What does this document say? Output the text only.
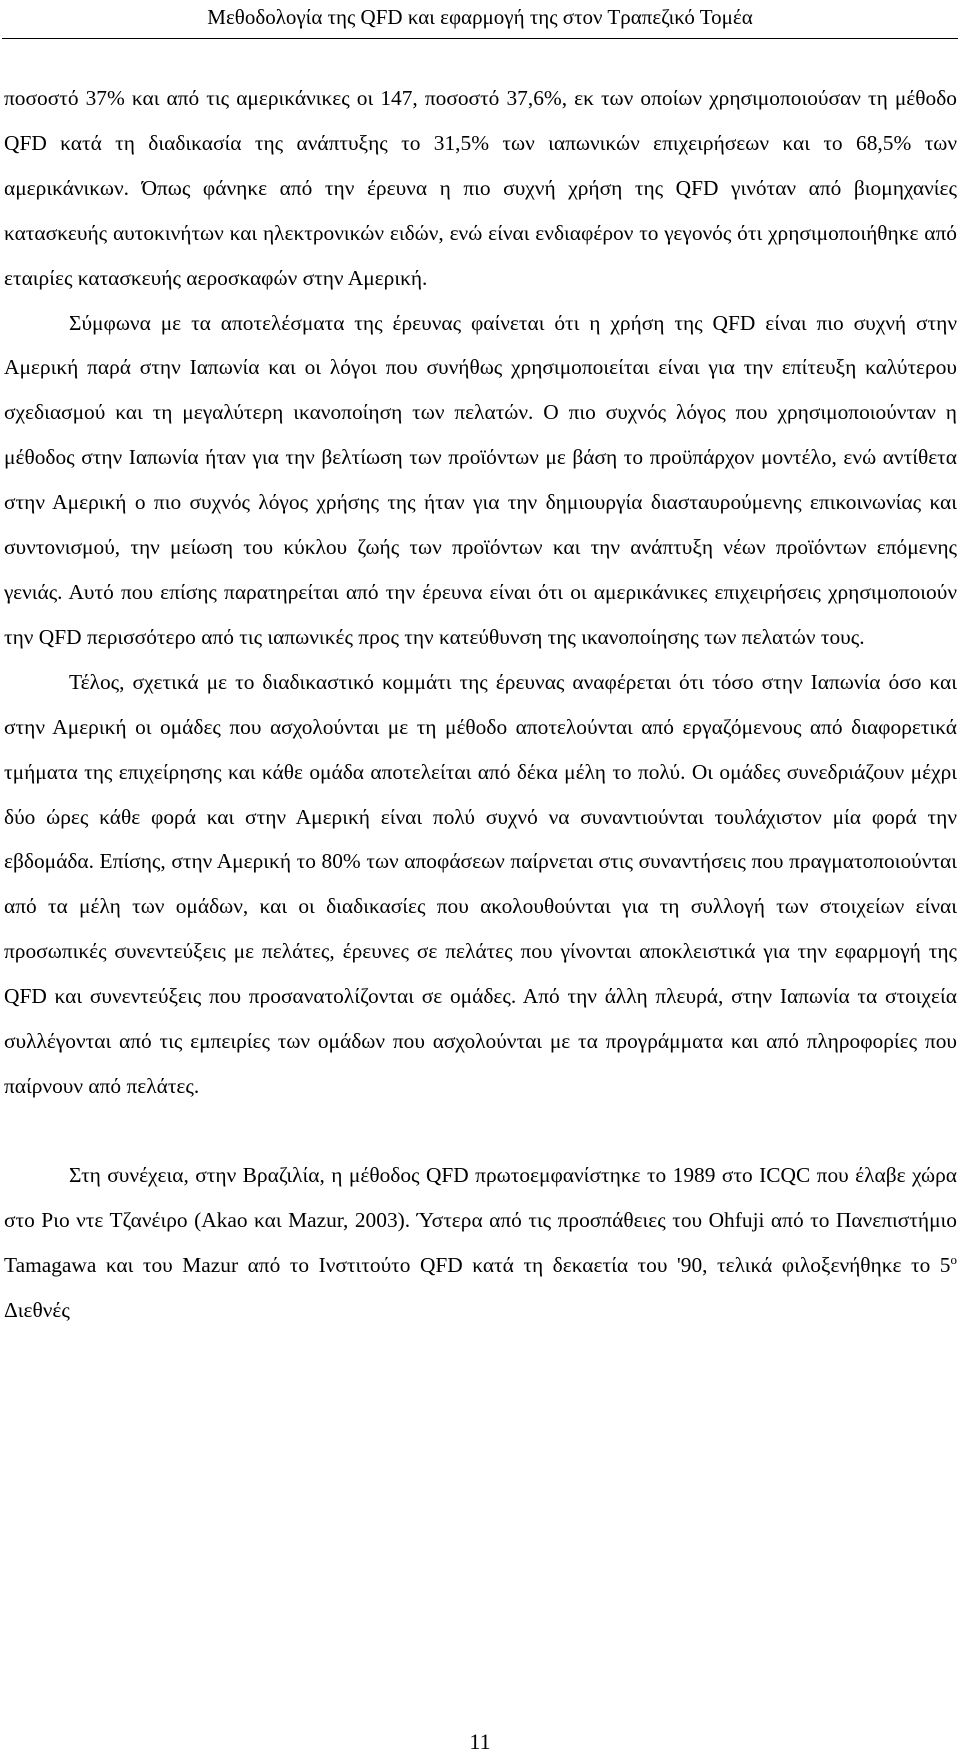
Μεθοδολογία της QFD και εφαρμογή της στον Τραπεζικό Τομέα

ποσοστό 37% και από τις αμερικάνικες οι 147, ποσοστό 37,6%, εκ των οποίων χρησιμοποιούσαν τη μέθοδο QFD κατά τη διαδικασία της ανάπτυξης το 31,5% των ιαπωνικών επιχειρήσεων και το 68,5% των αμερικάνικων. Όπως φάνηκε από την έρευνα η πιο συχνή χρήση της QFD γινόταν από βιομηχανίες κατασκευής αυτοκινήτων και ηλεκτρονικών ειδών, ενώ είναι ενδιαφέρον το γεγονός ότι χρησιμοποιήθηκε από εταιρίες κατασκευής αεροσκαφών στην Αμερική.

Σύμφωνα με τα αποτελέσματα της έρευνας φαίνεται ότι η χρήση της QFD είναι πιο συχνή στην Αμερική παρά στην Ιαπωνία και οι λόγοι που συνήθως χρησιμοποιείται είναι για την επίτευξη καλύτερου σχεδιασμού και τη μεγαλύτερη ικανοποίηση των πελατών. Ο πιο συχνός λόγος που χρησιμοποιούνταν η μέθοδος στην Ιαπωνία ήταν για την βελτίωση των προϊόντων με βάση το προϋπάρχον μοντέλο, ενώ αντίθετα στην Αμερική ο πιο συχνός λόγος χρήσης της ήταν για την δημιουργία διασταυρούμενης επικοινωνίας και συντονισμού, την μείωση του κύκλου ζωής των προϊόντων και την ανάπτυξη νέων προϊόντων επόμενης γενιάς. Αυτό που επίσης παρατηρείται από την έρευνα είναι ότι οι αμερικάνικες επιχειρήσεις χρησιμοποιούν την QFD περισσότερο από τις ιαπωνικές προς την κατεύθυνση της ικανοποίησης των πελατών τους.

Τέλος, σχετικά με το διαδικαστικό κομμάτι της έρευνας αναφέρεται ότι τόσο στην Ιαπωνία όσο και στην Αμερική οι ομάδες που ασχολούνται με τη μέθοδο αποτελούνται από εργαζόμενους από διαφορετικά τμήματα της επιχείρησης και κάθε ομάδα αποτελείται από δέκα μέλη το πολύ. Οι ομάδες συνεδριάζουν μέχρι δύο ώρες κάθε φορά και στην Αμερική είναι πολύ συχνό να συναντιούνται τουλάχιστον μία φορά την εβδομάδα. Επίσης, στην Αμερική το 80% των αποφάσεων παίρνεται στις συναντήσεις που πραγματοποιούνται από τα μέλη των ομάδων, και οι διαδικασίες που ακολουθούνται για τη συλλογή των στοιχείων είναι προσωπικές συνεντεύξεις με πελάτες, έρευνες σε πελάτες που γίνονται αποκλειστικά για την εφαρμογή της QFD και συνεντεύξεις που προσανατολίζονται σε ομάδες. Από την άλλη πλευρά, στην Ιαπωνία τα στοιχεία συλλέγονται από τις εμπειρίες των ομάδων που ασχολούνται με τα προγράμματα και από πληροφορίες που παίρνουν από πελάτες.

Στη συνέχεια, στην Βραζιλία, η μέθοδος QFD πρωτοεμφανίστηκε το 1989 στο ICQC που έλαβε χώρα στο Ριο ντε Τζανέιρο (Akao και Mazur, 2003). Ύστερα από τις προσπάθειες του Ohfuji από το Πανεπιστήμιο Tamagawa και του Mazur από το Ινστιτούτο QFD κατά τη δεκαετία του '90, τελικά φιλοξενήθηκε το $5^o$ Διεθνές

11
